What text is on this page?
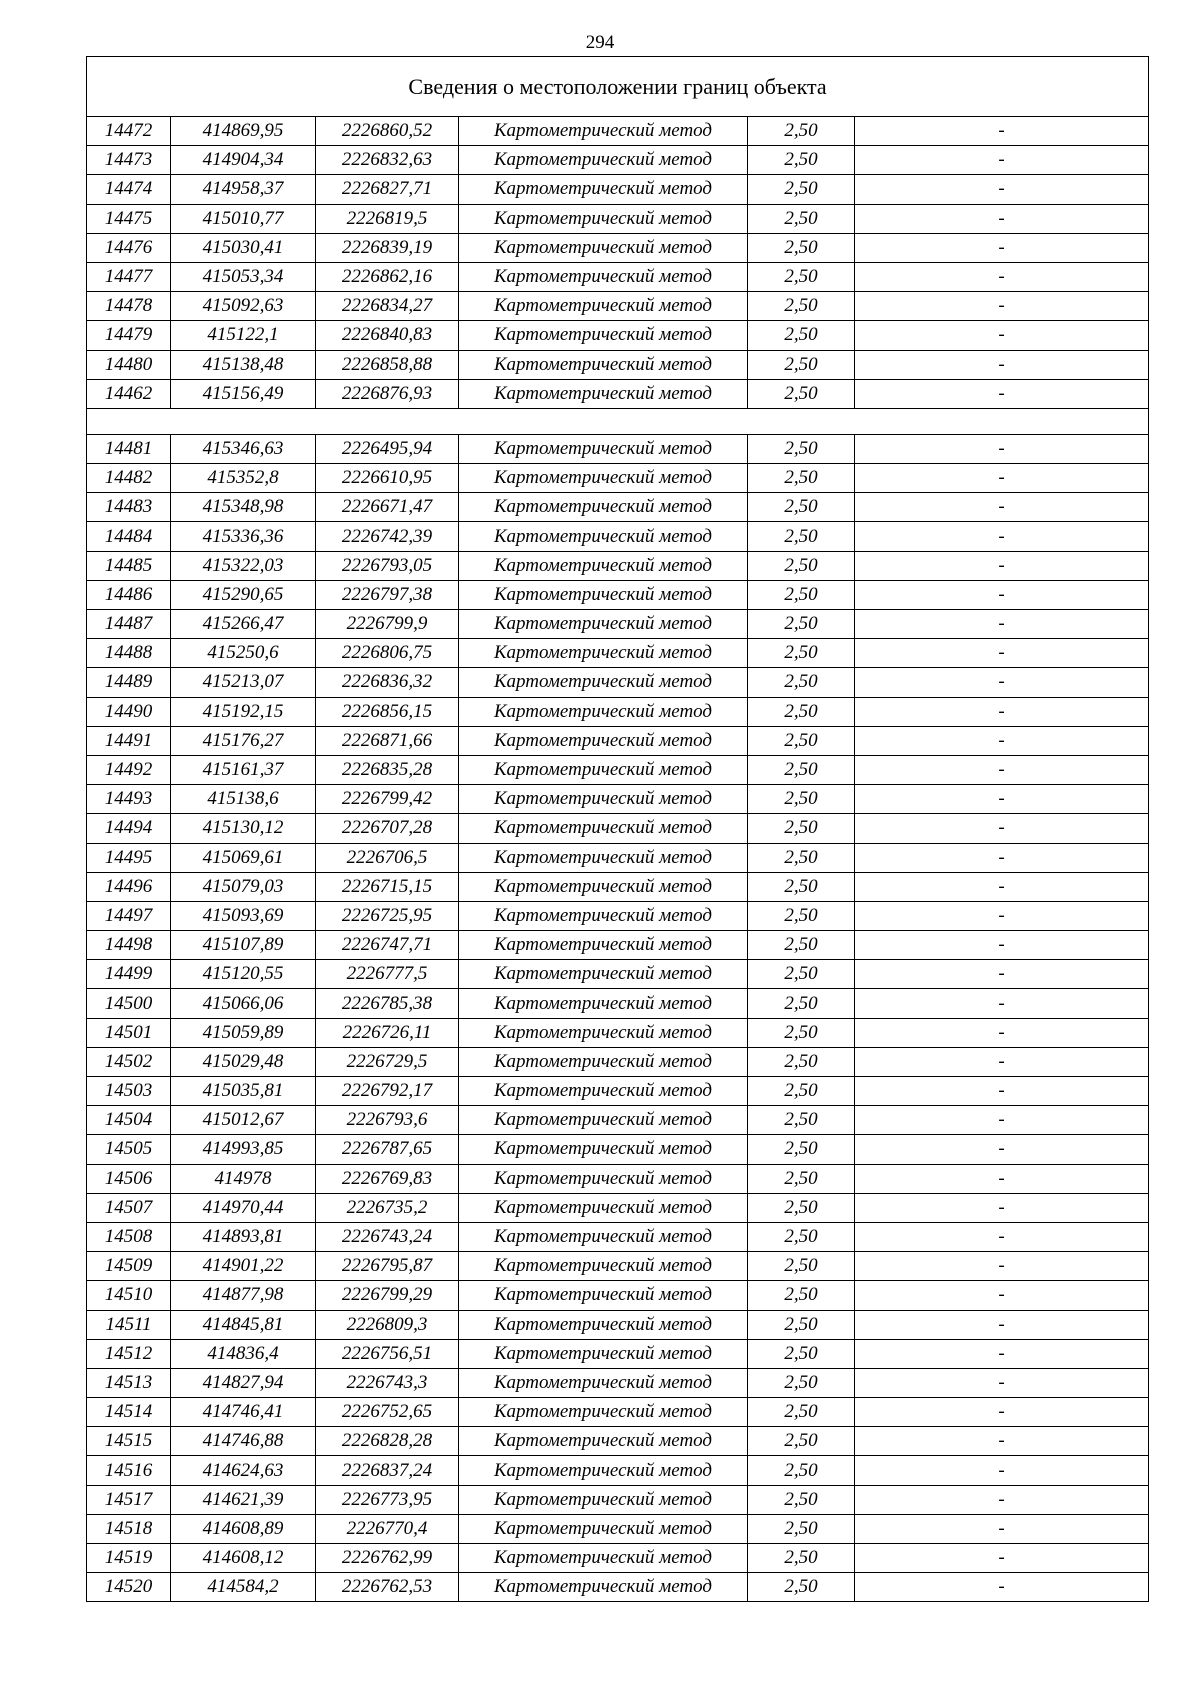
294
Сведения о местоположении границ объекта					
14472	414869,95	2226860,52	Картометрический метод	2,50	-
14473	414904,34	2226832,63	Картометрический метод	2,50	-
14474	414958,37	2226827,71	Картометрический метод	2,50	-
14475	415010,77	2226819,5	Картометрический метод	2,50	-
14476	415030,41	2226839,19	Картометрический метод	2,50	-
14477	415053,34	2226862,16	Картометрический метод	2,50	-
14478	415092,63	2226834,27	Картометрический метод	2,50	-
14479	415122,1	2226840,83	Картометрический метод	2,50	-
14480	415138,48	2226858,88	Картометрический метод	2,50	-
14462	415156,49	2226876,93	Картометрический метод	2,50	-

14481	415346,63	2226495,94	Картометрический метод	2,50	-
14482	415352,8	2226610,95	Картометрический метод	2,50	-
14483	415348,98	2226671,47	Картометрический метод	2,50	-
14484	415336,36	2226742,39	Картометрический метод	2,50	-
14485	415322,03	2226793,05	Картометрический метод	2,50	-
14486	415290,65	2226797,38	Картометрический метод	2,50	-
14487	415266,47	2226799,9	Картометрический метод	2,50	-
14488	415250,6	2226806,75	Картометрический метод	2,50	-
14489	415213,07	2226836,32	Картометрический метод	2,50	-
14490	415192,15	2226856,15	Картометрический метод	2,50	-
14491	415176,27	2226871,66	Картометрический метод	2,50	-
14492	415161,37	2226835,28	Картометрический метод	2,50	-
14493	415138,6	2226799,42	Картометрический метод	2,50	-
14494	415130,12	2226707,28	Картометрический метод	2,50	-
14495	415069,61	2226706,5	Картометрический метод	2,50	-
14496	415079,03	2226715,15	Картометрический метод	2,50	-
14497	415093,69	2226725,95	Картометрический метод	2,50	-
14498	415107,89	2226747,71	Картометрический метод	2,50	-
14499	415120,55	2226777,5	Картометрический метод	2,50	-
14500	415066,06	2226785,38	Картометрический метод	2,50	-
14501	415059,89	2226726,11	Картометрический метод	2,50	-
14502	415029,48	2226729,5	Картометрический метод	2,50	-
14503	415035,81	2226792,17	Картометрический метод	2,50	-
14504	415012,67	2226793,6	Картометрический метод	2,50	-
14505	414993,85	2226787,65	Картометрический метод	2,50	-
14506	414978	2226769,83	Картометрический метод	2,50	-
14507	414970,44	2226735,2	Картометрический метод	2,50	-
14508	414893,81	2226743,24	Картометрический метод	2,50	-
14509	414901,22	2226795,87	Картометрический метод	2,50	-
14510	414877,98	2226799,29	Картометрический метод	2,50	-
14511	414845,81	2226809,3	Картометрический метод	2,50	-
14512	414836,4	2226756,51	Картометрический метод	2,50	-
14513	414827,94	2226743,3	Картометрический метод	2,50	-
14514	414746,41	2226752,65	Картометрический метод	2,50	-
14515	414746,88	2226828,28	Картометрический метод	2,50	-
14516	414624,63	2226837,24	Картометрический метод	2,50	-
14517	414621,39	2226773,95	Картометрический метод	2,50	-
14518	414608,89	2226770,4	Картометрический метод	2,50	-
14519	414608,12	2226762,99	Картометрический метод	2,50	-
14520	414584,2	2226762,53	Картометрический метод	2,50	-
